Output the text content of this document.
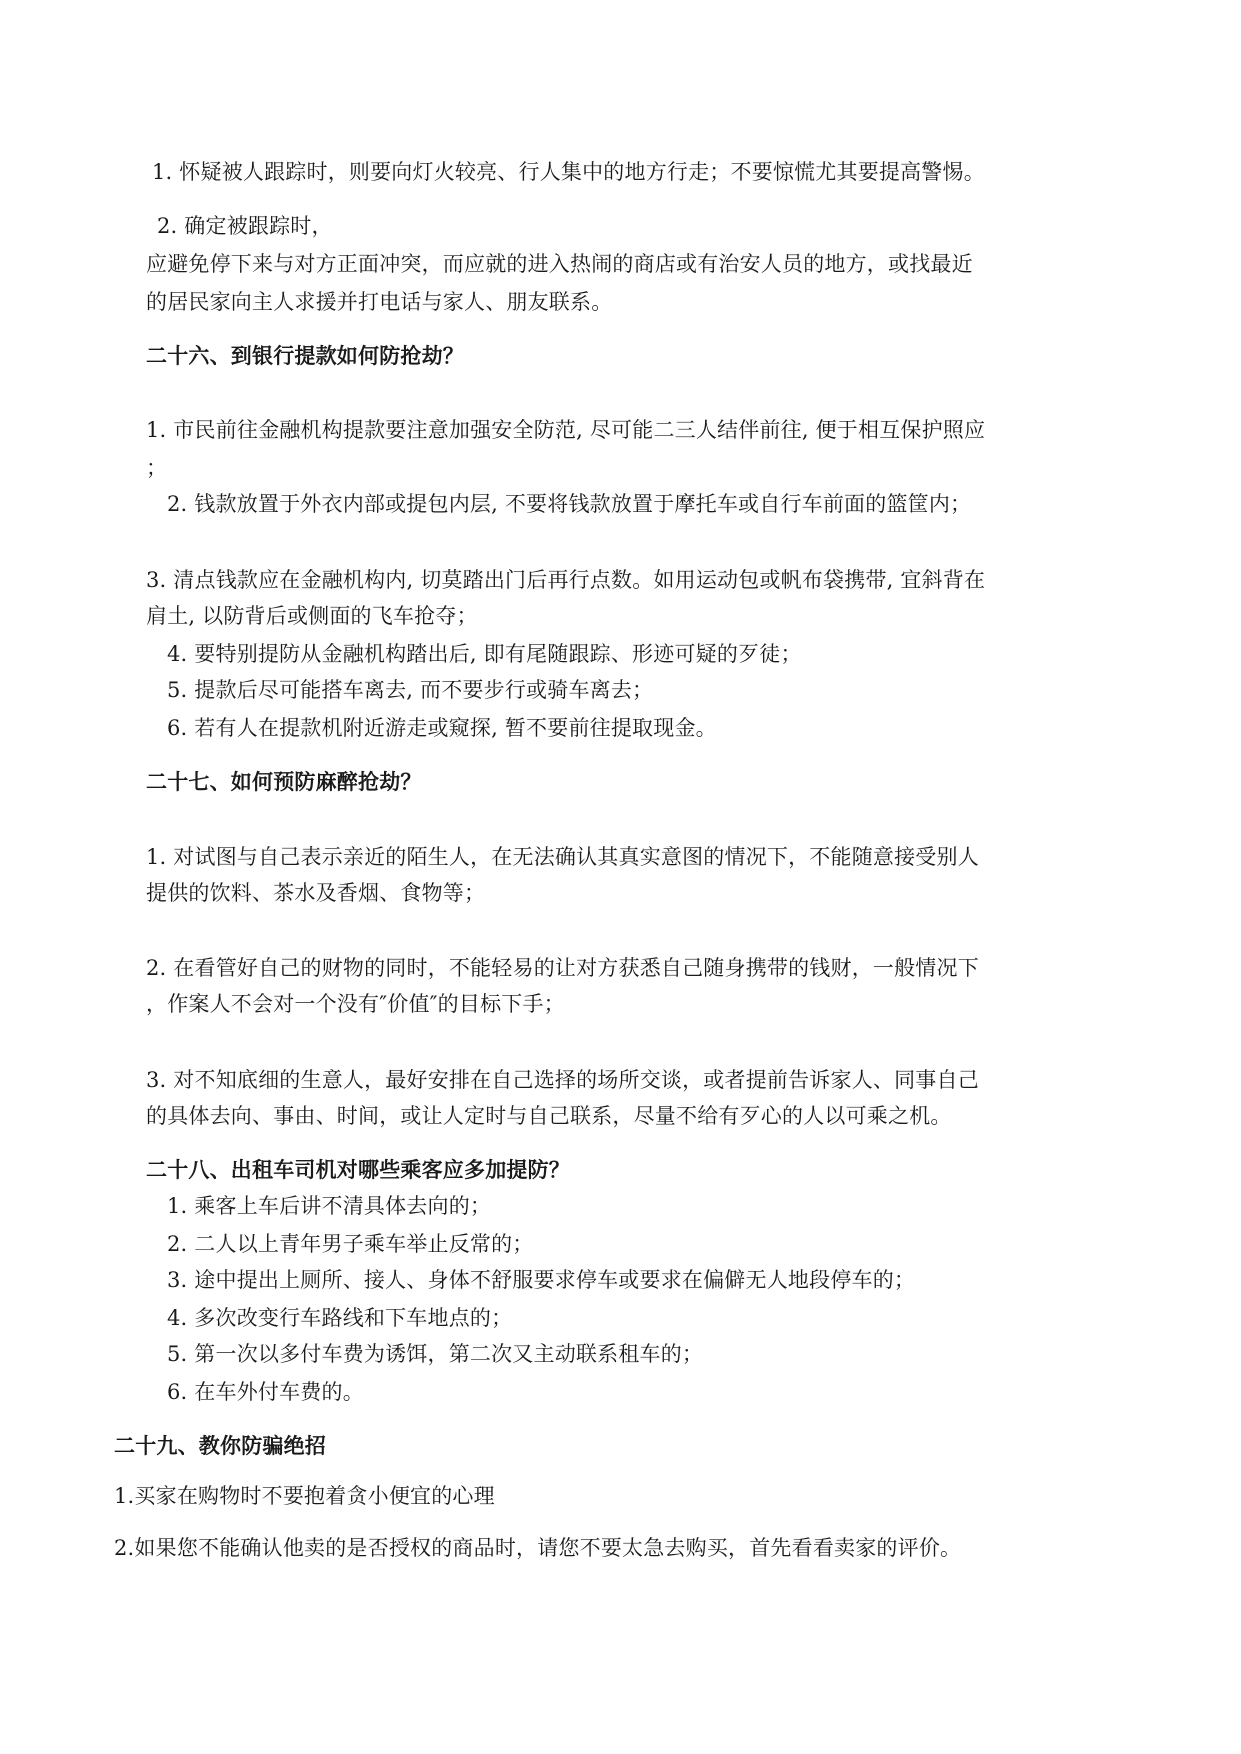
1. 怀疑被人跟踪时，则要向灯火较亮、行人集中的地方行走；不要惊慌尤其要提高警惕。
2. 确定被跟踪时，
应避免停下来与对方正面冲突，而应就的进入热闹的商店或有治安人员的地方，或找最近
的居民家向主人求援并打电话与家人、朋友联系。
二十六、到银行提款如何防抢劫？
1. 市民前往金融机构提款要注意加强安全防范, 尽可能二三人结伴前往, 便于相互保护照应
；
2. 钱款放置于外衣内部或提包内层, 不要将钱款放置于摩托车或自行车前面的篮筐内；
3. 清点钱款应在金融机构内, 切莫踏出门后再行点数。如用运动包或帆布袋携带, 宜斜背在
肩土, 以防背后或侧面的飞车抢夺；
4. 要特别提防从金融机构踏出后, 即有尾随跟踪、形迹可疑的歹徒；
5. 提款后尽可能搭车离去, 而不要步行或骑车离去；
6. 若有人在提款机附近游走或窥探, 暂不要前往提取现金。
二十七、如何预防麻醉抢劫？
1. 对试图与自己表示亲近的陌生人，在无法确认其真实意图的情况下，不能随意接受别人
提供的饮料、茶水及香烟、食物等；
2. 在看管好自己的财物的同时，不能轻易的让对方获悉自己随身携带的钱财，一般情况下
，作案人不会对一个没有″价值″的目标下手；
3. 对不知底细的生意人，最好安排在自己选择的场所交谈，或者提前告诉家人、同事自己
的具体去向、事由、时间，或让人定时与自己联系，尽量不给有歹心的人以可乘之机。
二十八、出租车司机对哪些乘客应多加提防？
1. 乘客上车后讲不清具体去向的；
2. 二人以上青年男子乘车举止反常的；
3. 途中提出上厕所、接人、身体不舒服要求停车或要求在偏僻无人地段停车的；
4. 多次改变行车路线和下车地点的；
5. 第一次以多付车费为诱饵，第二次又主动联系租车的；
6. 在车外付车费的。
二十九、教你防骗绝招
1.买家在购物时不要抱着贪小便宜的心理
2.如果您不能确认他卖的是否授权的商品时，请您不要太急去购买，首先看看卖家的评价。
